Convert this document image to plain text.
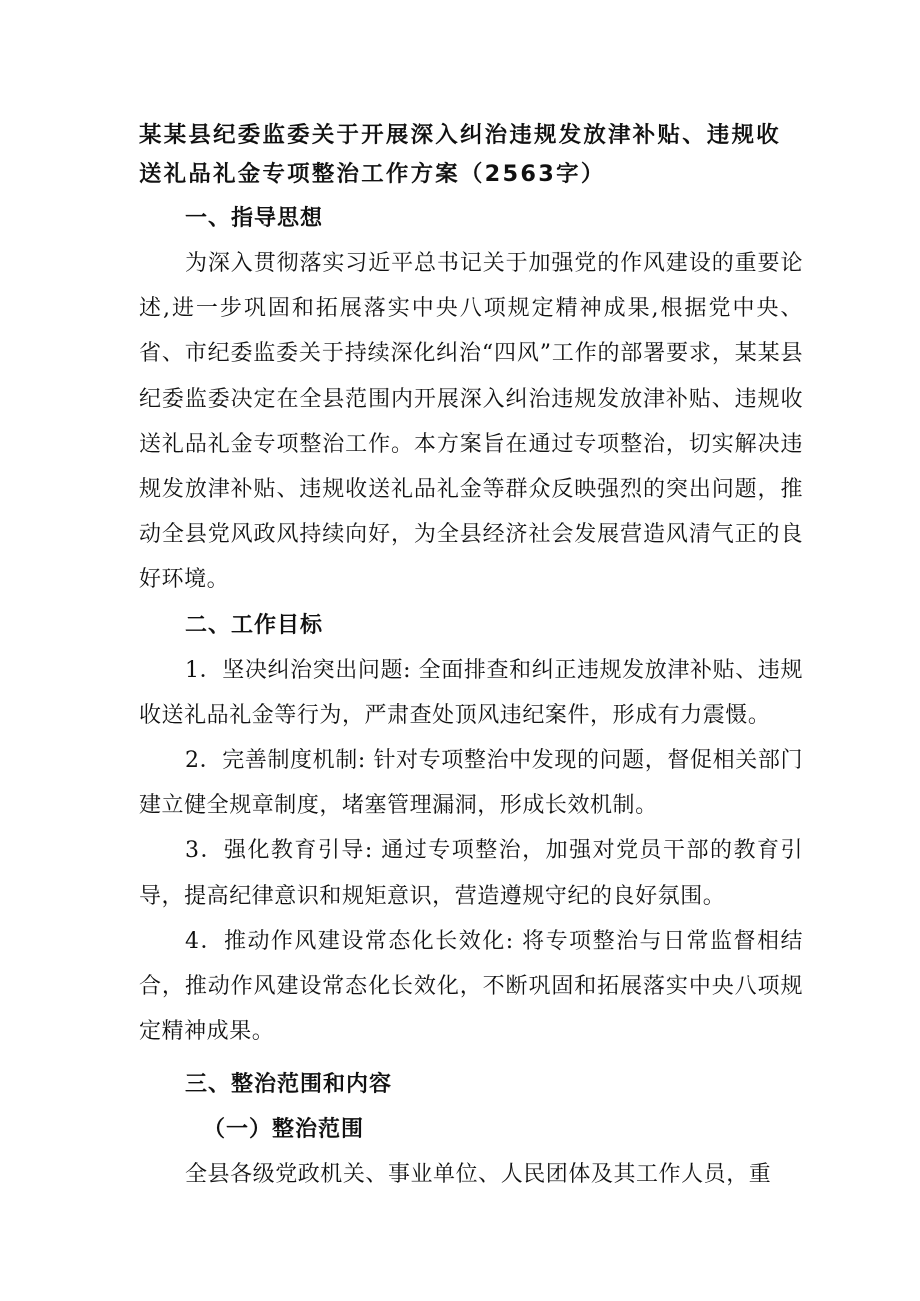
某某县纪委监委关于开展深入纠治违规发放津补贴、违规收送礼品礼金专项整治工作方案（2563字）
一、指导思想

为深入贯彻落实习近平总书记关于加强党的作风建设的重要论述,进一步巩固和拓展落实中央八项规定精神成果,根据党中央、省、市纪委监委关于持续深化纠治“四风”工作的部署要求，某某县纪委监委决定在全县范围内开展深入纠治违规发放津补贴、违规收送礼品礼金专项整治工作。本方案旨在通过专项整治，切实解决违规发放津补贴、违规收送礼品礼金等群众反映强烈的突出问题，推动全县党风政风持续向好，为全县经济社会发展营造风清气正的良好环境。

二、工作目标

1．坚决纠治突出问题: 全面排查和纠正违规发放津补贴、违规收送礼品礼金等行为，严肃查处顶风违纪案件，形成有力震慑。

2．完善制度机制: 针对专项整治中发现的问题，督促相关部门建立健全规章制度，堵塞管理漏洞，形成长效机制。

3．强化教育引导: 通过专项整治，加强对党员干部的教育引导，提高纪律意识和规矩意识，营造遵规守纪的良好氛围。

4．推动作风建设常态化长效化: 将专项整治与日常监督相结合，推动作风建设常态化长效化，不断巩固和拓展落实中央八项规定精神成果。

三、整治范围和内容
（一）整治范围

全县各级党政机关、事业单位、人民团体及其工作人员，重
